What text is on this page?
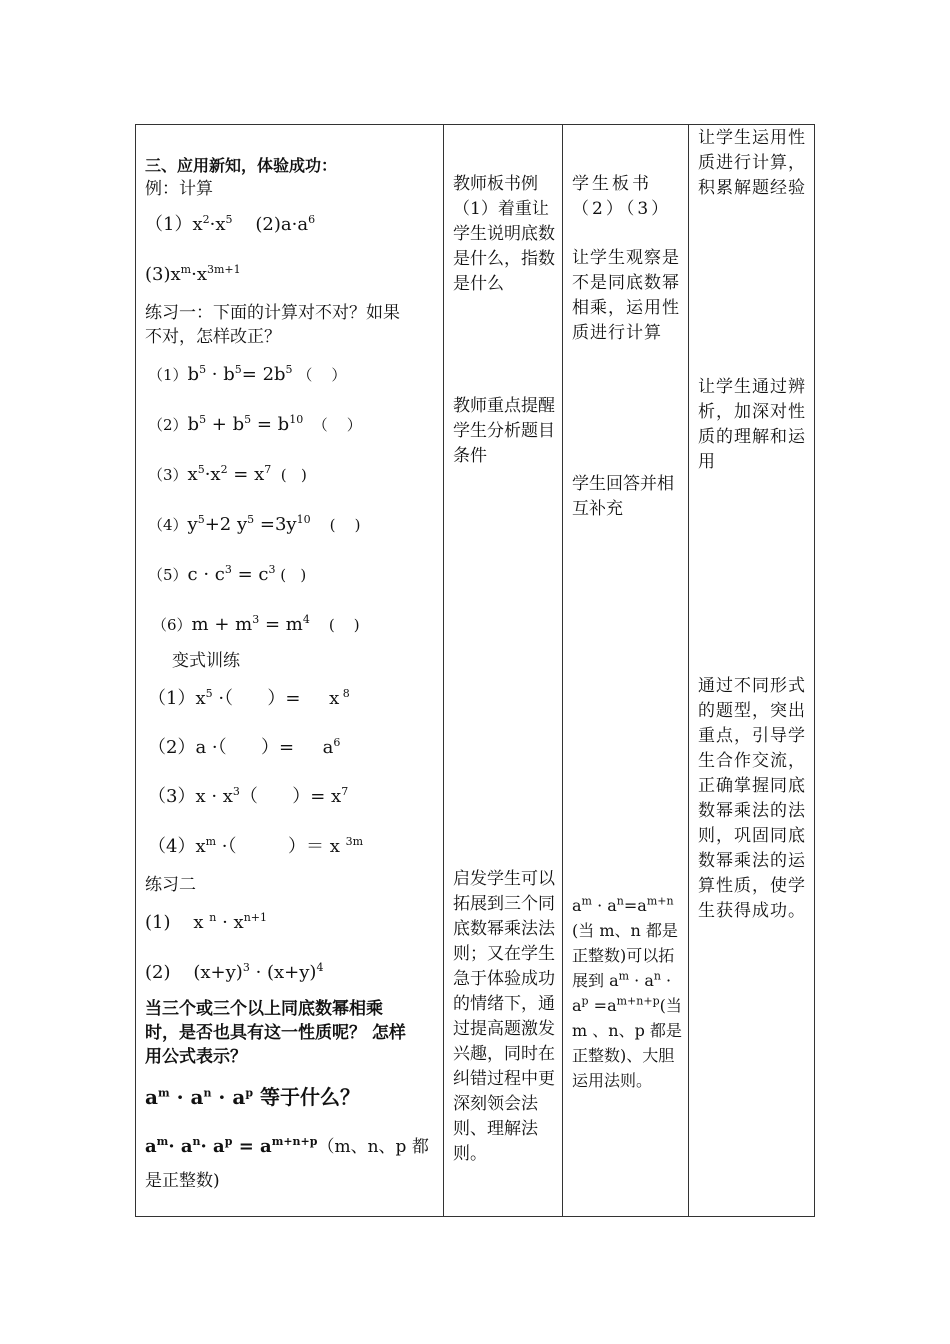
三、应用新知，体验成功：
例：计算
$(1)x^2\cdot x^5$    $(2)a\cdot a^6$
$(3)x^m\cdot x^{3m+1}$
练习一：下面的计算对不对？如果
不对，怎样改正？
$(1)b^5 \cdot b^5= 2b^5$ （    ）
$(2)b^5 + b^5 = b^{10}$  （    ）
$(3)x^5\cdot x^2 = x^7$  (   )
$(4)y^5+2$ $y^5 =3y^{10}$    (    )
$(5)c \cdot c^3 = c^3$ (   )
$(6)m + m^3 = m^4$    (    )
变式训练
$(1)x^5$ ·（      ）=     x $^8$
（2）a ·（      ）=     $a^6$
$(3)x \cdot x^3$（      ）= $x^7$
$(4)x^m$ ·（         ）＝ x $^{3m}$
练习二
(1)    x $^n \cdot x^{n+1}$
(2)    $(x+y)^3 \cdot (x+y)^4$
当三个或三个以上同底数幂相乘
时，是否也具有这一性质呢？ 怎样
用公式表示？
$a^m \cdot a^n \cdot a^p$ 等于什么？
$a^m\cdot a^n\cdot a^p = a^{m+n+p}(m$、n、p 都
是正整数)
教师板书例（1）着重让学生说明底数是什么，指数是什么
教师重点提醒学生分析题目条件
启发学生可以拓展到三个同底数幂乘法法则；又在学生急于体验成功的情绪下，通过提高题激发兴趣，同时在纠错过程中更深刻领会法则、理解法则。
学生板书（2）（3）
让学生观察是不是同底数幂相乘，运用性质进行计算
学生回答并相互补充
$a^m \cdot a^n=a^{m+n}$(当 m、n 都是正整数)可以拓展到 $a^m \cdot a^n \cdot a^p =a^{m+n+p}$(当 m 、n、p 都是正整数)、大胆运用法则。
让学生运用性质进行计算，积累解题经验
让学生通过辨析，加深对性质的理解和运用
通过不同形式的题型，突出重点，引导学生合作交流，正确掌握同底数幂乘法的法则，巩固同底数幂乘法的运算性质，使学生获得成功。
